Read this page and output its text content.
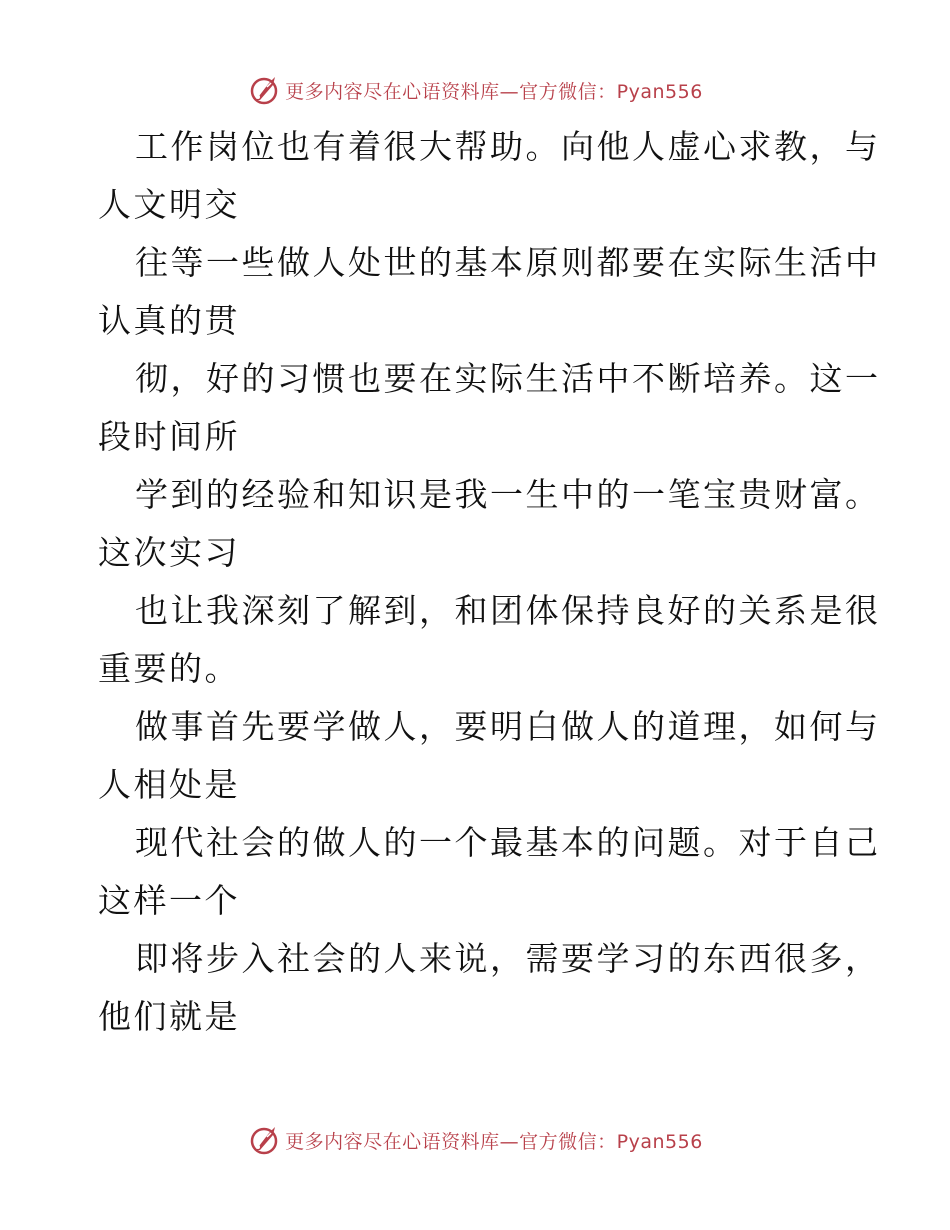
更多内容尽在心语资料库—官方微信：Pyan556
工作岗位也有着很大帮助。向他人虚心求教，与
人文明交
往等一些做人处世的基本原则都要在实际生活中
认真的贯
彻，好的习惯也要在实际生活中不断培养。这一
段时间所
学到的经验和知识是我一生中的一笔宝贵财富。
这次实习
也让我深刻了解到，和团体保持良好的关系是很
重要的。
做事首先要学做人，要明白做人的道理，如何与
人相处是
现代社会的做人的一个最基本的问题。对于自己
这样一个
即将步入社会的人来说，需要学习的东西很多，
他们就是
更多内容尽在心语资料库—官方微信：Pyan556
